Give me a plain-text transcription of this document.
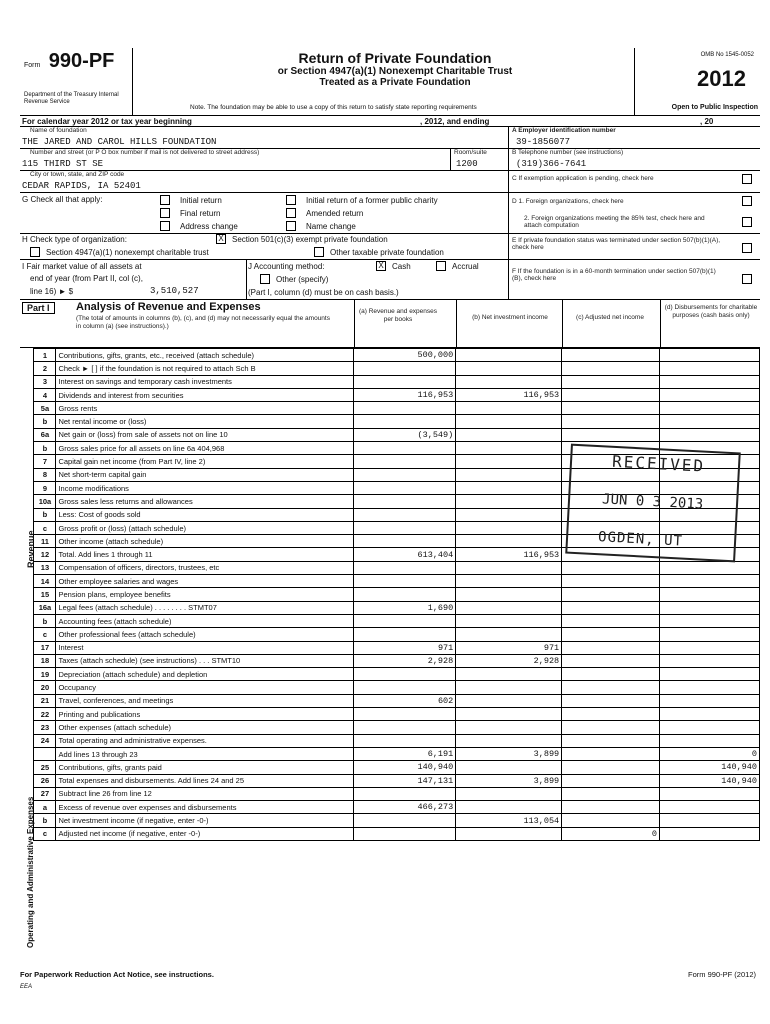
Form 990-PF
Department of the Treasury Internal Revenue Service
Return of Private Foundation
or Section 4947(a)(1) Nonexempt Charitable Trust
Treated as a Private Foundation
Note. The foundation may be able to use a copy of this return to satisfy state reporting requirements
OMB No 1545-0052
2012
Open to Public Inspection
For calendar year 2012 or tax year beginning	, 2012, and ending	, 20
Name of foundation
THE JARED AND CAROL HILLS FOUNDATION
A Employer identification number
39-1856077
Number and street (or P O box number if mail is not delivered to street address)
115 THIRD ST SE
Room/suite
1200
B Telephone number (see instructions)
(319)366-7641
City or town, state, and ZIP code
CEDAR RAPIDS, IA 52401
C If exemption application is pending, check here
G Check all that apply:	Initial return
Final return
Address change
Initial return of a former public charity
Amended return
Name change
D 1. Foreign organizations, check here
2. Foreign organizations meeting the 85% test, check here and attach computation
H Check type of organization:	X Section 501(c)(3) exempt private foundation
Section 4947(a)(1) nonexempt charitable trust	Other taxable private foundation
E If private foundation status was terminated under section 507(b)(1)(A), check here
I Fair market value of all assets at
end of year (from Part II, col (c),
line 16) ► $	3,510,527
J Accounting method:	X Cash	Accrual
Other (specify)
(Part I, column (d) must be on cash basis.)
F If the foundation is in a 60-month termination under section 507(b)(1)(B), check here
Part I	Analysis of Revenue and Expenses
(The total of amounts in columns (b), (c), and (d) may not necessarily equal the amounts in column (a) (see instructions).)
(a) Revenue and expenses per books	(b) Net investment income	(c) Adjusted net income
(d) Disbursements for charitable purposes (cash basis only)
	1	Contributions, gifts, grants, etc., received (attach schedule)	500,000			
	2	Check ► [ ] if the foundation is not required to attach Sch B				
	3	Interest on savings and temporary cash investments				
	4	Dividends and interest from securities	116,953	116,953		
	5a	Gross rents				
	b	Net rental income or (loss)				
	6a	Net gain or (loss) from sale of assets not on line 10	(3,549)			
	b	Gross sales price for all assets on line 6a 404,968				
	7	Capital gain net income (from Part IV, line 2)				
	8	Net short-term capital gain				
	9	Income modifications				
	10a	Gross sales less returns and allowances				
	b	Less: Cost of goods sold				
	c	Gross profit or (loss) (attach schedule)				
	11	Other income (attach schedule)				
	12	Total. Add lines 1 through 11	613,404	116,953		
	13	Compensation of officers, directors, trustees, etc				
	14	Other employee salaries and wages				
	15	Pension plans, employee benefits				
	16a	Legal fees (attach schedule) . . . . . . . . STMT07	1,690			
	b	Accounting fees (attach schedule)				
	c	Other professional fees (attach schedule)				
	17	Interest	971	971		
	18	Taxes (attach schedule) (see instructions) . . . STMT10	2,928	2,928		
	19	Depreciation (attach schedule) and depletion				
	20	Occupancy				
	21	Travel, conferences, and meetings	602			
	22	Printing and publications				
	23	Other expenses (attach schedule)				
	24	Total operating and administrative expenses.				
		Add lines 13 through 23	6,191	3,899		0
	25	Contributions, gifts, grants paid	140,940			140,940
	26	Total expenses and disbursements. Add lines 24 and 25	147,131	3,899		140,940
	27	Subtract line 26 from line 12				
	a	Excess of revenue over expenses and disbursements	466,273			
	b	Net investment income (if negative, enter -0-)		113,054		
	c	Adjusted net income (if negative, enter -0-)			0	
Revenue
Operating and Administrative Expenses
RECEIVED
JUN 0 3 2013
OGDEN, UT
For Paperwork Reduction Act Notice, see instructions.
EEA
Form 990-PF (2012)
